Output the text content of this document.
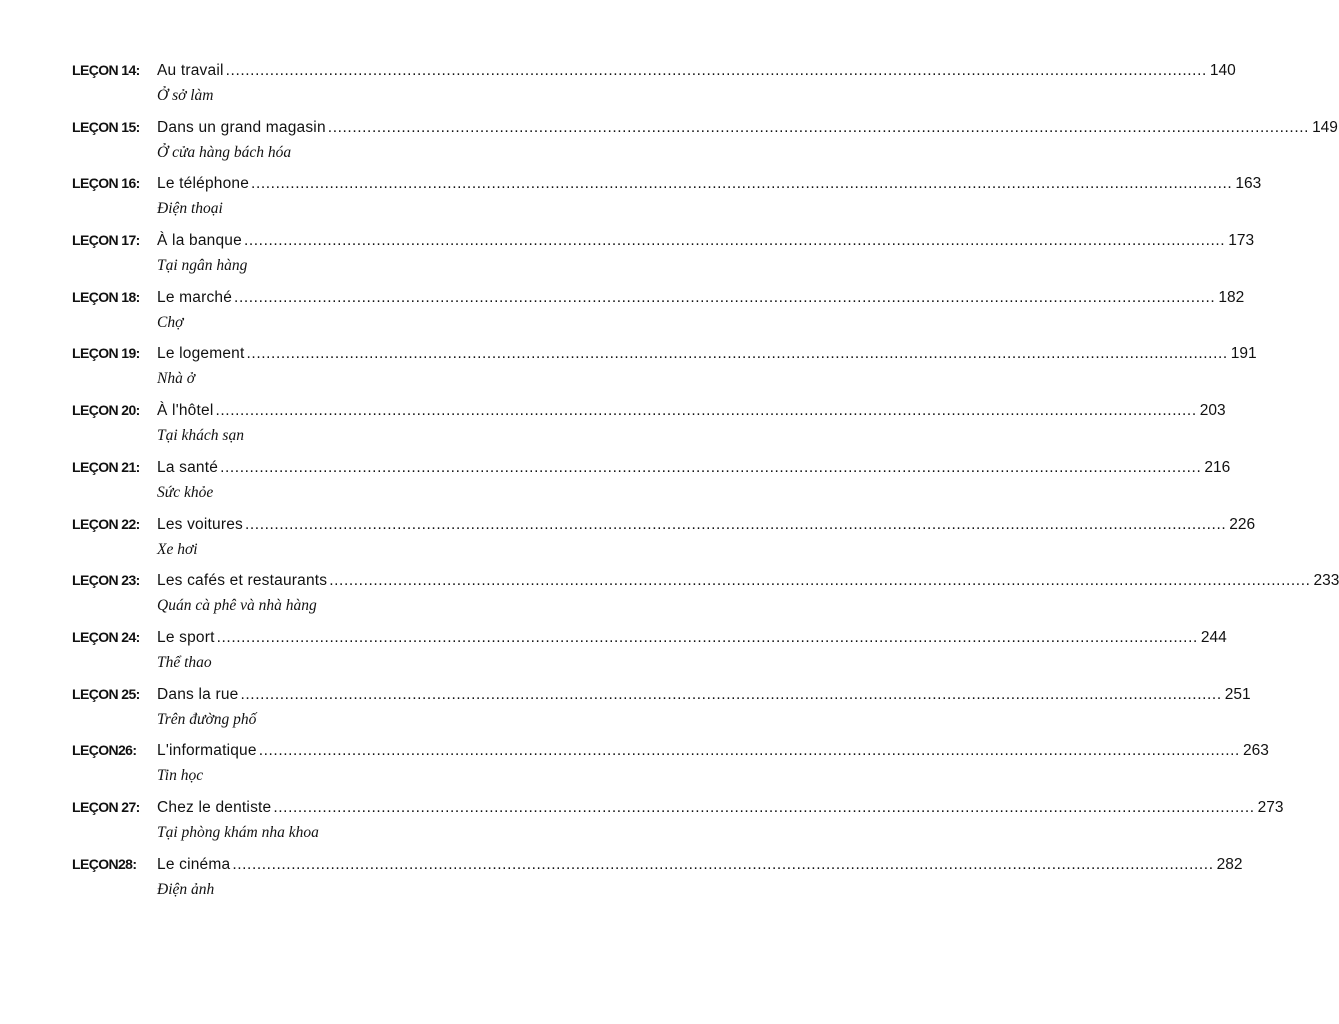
LEÇON 14:	Au travail ........................................................................................................................................................................................................ 140
Ở sở làm
LEÇON 15:	Dans un grand magasin ........................................................................................................................................................................................................ 149
Ở cửa hàng bách hóa
LEÇON 16:	Le téléphone ........................................................................................................................................................................................................ 163
Điện thoại
LEÇON 17:	À la banque ........................................................................................................................................................................................................ 173
Tại ngân hàng
LEÇON 18:	Le marché ........................................................................................................................................................................................................ 182
Chợ
LEÇON 19:	Le logement ........................................................................................................................................................................................................ 191
Nhà ở
LEÇON 20:	À l'hôtel ........................................................................................................................................................................................................ 203
Tại khách sạn
LEÇON 21:	La santé ........................................................................................................................................................................................................ 216
Sức khỏe
LEÇON 22:	Les voitures ........................................................................................................................................................................................................ 226
Xe hơi
LEÇON 23:	Les cafés et restaurants ........................................................................................................................................................................................................ 233
Quán cà phê và nhà hàng
LEÇON 24:	Le sport ........................................................................................................................................................................................................ 244
Thể thao
LEÇON 25:	Dans la rue ........................................................................................................................................................................................................ 251
Trên đường phố
LEÇON26:	L'informatique ........................................................................................................................................................................................................ 263
Tin học
LEÇON 27:	Chez le dentiste ........................................................................................................................................................................................................ 273
Tại phòng khám nha khoa
LEÇON28:	Le cinéma ........................................................................................................................................................................................................ 282
Điện ảnh
